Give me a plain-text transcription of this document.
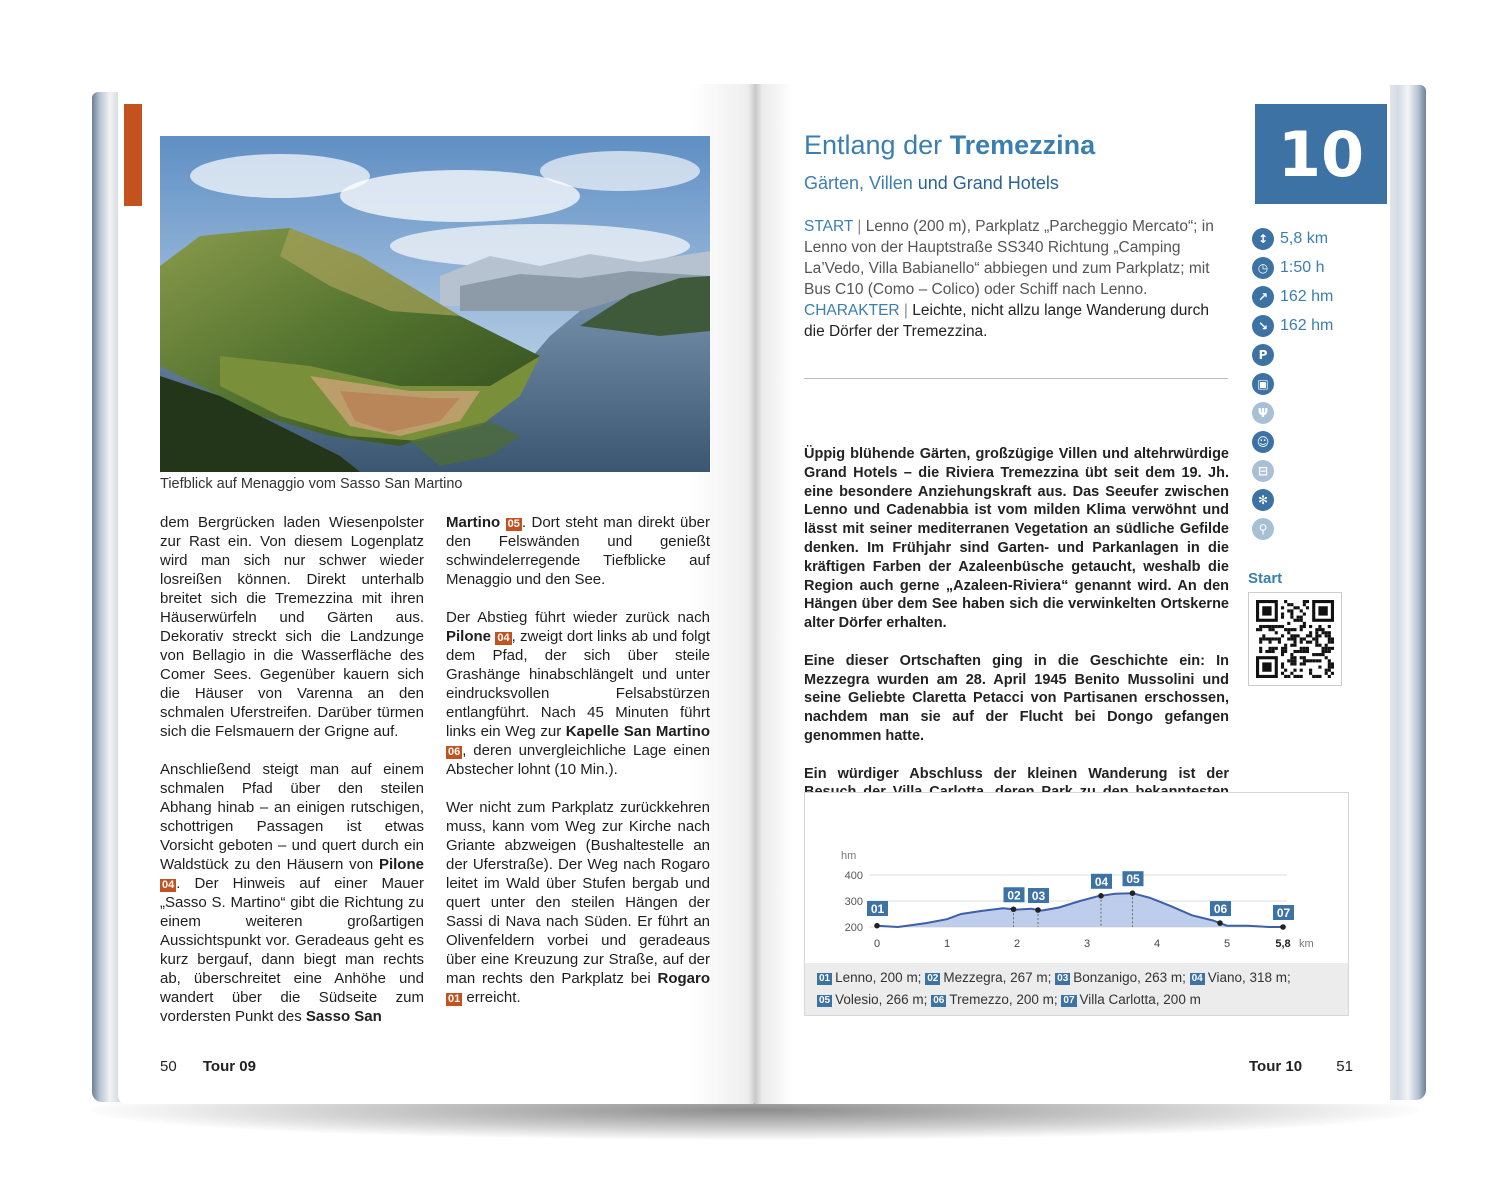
Tiefblick auf Menaggio vom Sasso San Martino

dem Bergrücken laden Wiesenpolster zur Rast ein. Von diesem Logenplatz wird man sich nur schwer wieder losreißen können. Direkt unterhalb breitet sich die Tremezzina mit ihren Häuserwürfeln und Gärten aus. Dekorativ streckt sich die Landzunge von Bellagio in die Wasserfläche des Comer Sees. Gegenüber kauern sich die Häuser von Varenna an den schmalen Uferstreifen. Darüber türmen sich die Felsmauern der Grigne auf.

Anschließend steigt man auf einem schmalen Pfad über den steilen Abhang hinab – an einigen rutschigen, schottrigen Passagen ist etwas Vorsicht geboten – und quert durch ein Waldstück zu den Häusern von Pilone 04 . Der Hinweis auf einer Mauer „Sasso S. Martino“ gibt die Richtung zu einem weiteren großartigen Aussichtspunkt vor. Geradeaus geht es kurz bergauf, dann biegt man rechts ab, überschreitet eine Anhöhe und wandert über die Südseite zum vordersten Punkt des Sasso San

Martino 05 . Dort steht man direkt über den Felswänden und genießt schwindelerregende Tiefblicke auf Menaggio und den See.

Der Abstieg führt wieder zurück nach Pilone 04 , zweigt dort links ab und folgt dem Pfad, der sich über steile Grashänge hinabschlängelt und unter eindrucksvollen Felsabstürzen entlangführt. Nach 45 Minuten führt links ein Weg zur Kapelle San Martino 06 , deren unvergleichliche Lage einen Abstecher lohnt (10 Min.).

Wer nicht zum Parkplatz zurückkehren muss, kann vom Weg zur Kirche nach Griante abzweigen (Bushaltestelle an der Uferstraße). Der Weg nach Rogaro leitet im Wald über Stufen bergab und quert unter den steilen Hängen der Sassi di Nava nach Süden. Er führt an Olivenfeldern vorbei und geradeaus über eine Kreuzung zur Straße, auf der man rechts den Parkplatz bei Rogaro 01 erreicht.

50 Tour 09
Entlang der Tremezzina
Gärten, Villen und Grand Hotels	10
START | Lenno (200 m), Parkplatz „Parcheggio Mercato“; in Lenno von der Hauptstraße SS340 Richtung „Camping La’Vedo, Villa Babianello“ abbiegen und zum Parkplatz; mit Bus C10 (Como – Colico) oder Schiff nach Lenno.
CHARAKTER | Leichte, nicht allzu lange Wanderung durch die Dörfer der Tremezzina.

Üppig blühende Gärten, großzügige Villen und altehrwürdige Grand Hotels – die Riviera Tremezzina übt seit dem 19. Jh. eine besondere Anziehungskraft aus. Das Seeufer zwischen Lenno und Cadenabbia ist vom milden Klima verwöhnt und lässt mit seiner mediterranen Vegetation an südliche Gefilde denken. Im Frühjahr sind Garten- und Parkanlagen in die kräftigen Farben der Azaleenbüsche getaucht, weshalb die Region auch gerne „Azaleen-Riviera“ genannt wird. An den Hängen über dem See haben sich die verwinkelten Ortskerne alter Dörfer erhalten.

Eine dieser Ortschaften ging in die Geschichte ein: In Mezzegra wurden am 28. April 1945 Benito Mussolini und seine Geliebte Claretta Petacci von Partisanen erschossen, nachdem man sie auf der Flucht bei Dongo gefangen genommen hatte.

Ein würdiger Abschluss der kleinen Wanderung ist der

↕ 5,8 km
◷ 1:50 h
↗ 162 hm
↘ 162 hm
P
▣
Ψ
☺
⊟
✻
⚲
Start
200
300
400
hm
0	1	2	3	4	5	5,8 km
01
02 03
04 05
06	07
01 Lenno, 200 m; 02 Mezzegra, 267 m; 03 Bonzanigo, 263 m; 04 Viano, 318 m;
05 Volesio, 266 m; 06 Tremezzo, 200 m; 07 Villa Carlotta, 200 m
Tour 10 51
